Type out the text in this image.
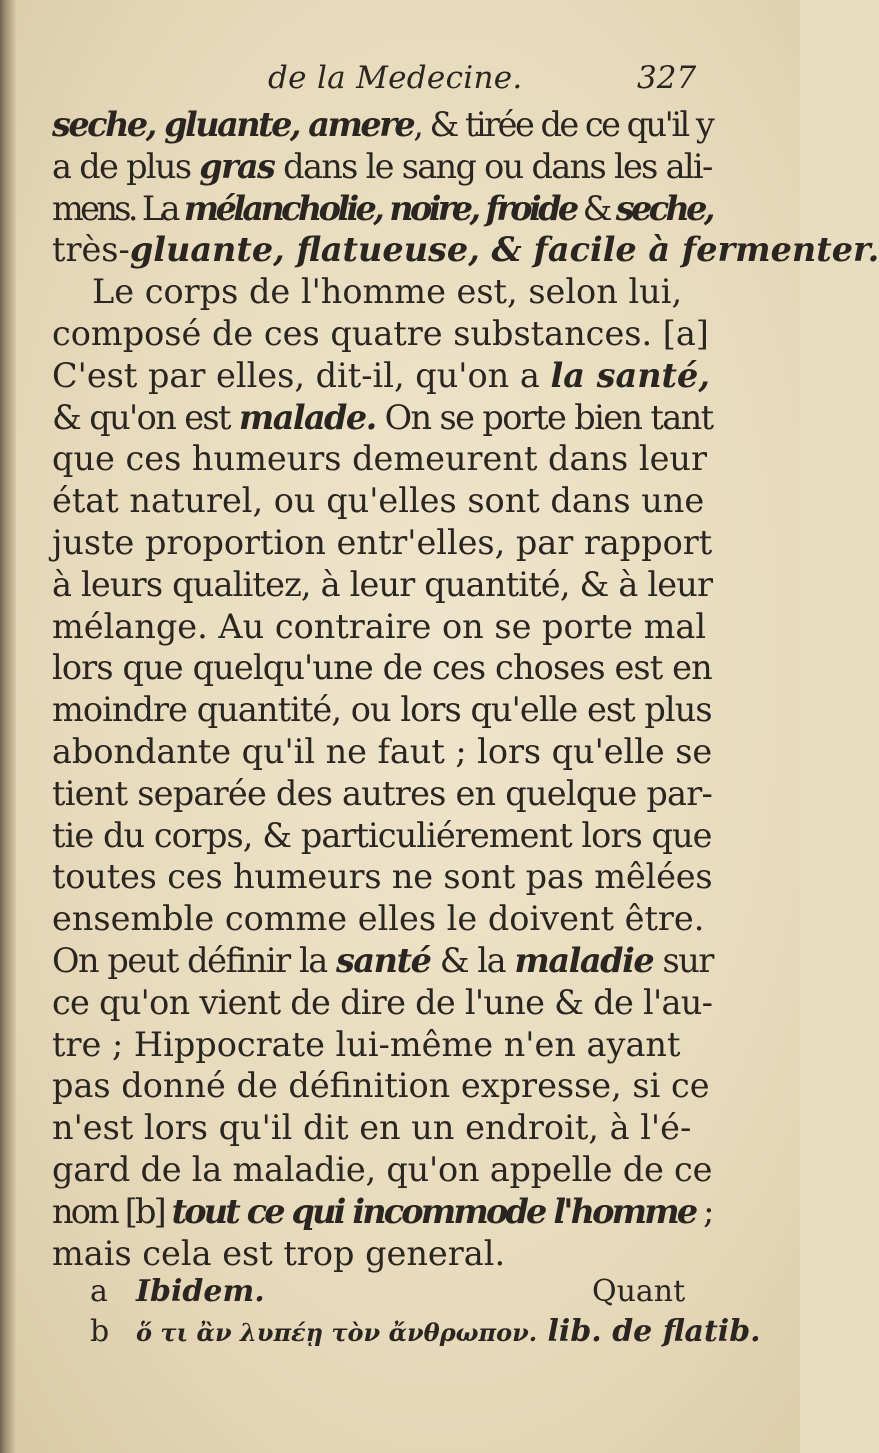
de la Medecine.	327
seche, gluante, amere, & tirée de ce qu'il y
a de plus gras dans le sang ou dans les ali-
mens. La mélancholie, noire, froide & seche,
très-gluante, flatueuse, & facile à fermenter.
Le corps de l'homme est, selon lui,
composé de ces quatre substances. [a]
C'est par elles, dit-il, qu'on a la santé,
& qu'on est malade. On se porte bien tant
que ces humeurs demeurent dans leur
état naturel, ou qu'elles sont dans une
juste proportion entr'elles, par rapport
à leurs qualitez, à leur quantité, & à leur
mélange. Au contraire on se porte mal
lors que quelqu'une de ces choses est en
moindre quantité, ou lors qu'elle est plus
abondante qu'il ne faut ; lors qu'elle se
tient separée des autres en quelque par-
tie du corps, & particuliérement lors que
toutes ces humeurs ne sont pas mêlées
ensemble comme elles le doivent être.
On peut définir la santé & la maladie sur
ce qu'on vient de dire de l'une & de l'au-
tre ; Hippocrate lui-même n'en ayant
pas donné de définition expresse, si ce
n'est lors qu'il dit en un endroit, à l'é-
gard de la maladie, qu'on appelle de ce
nom [b] tout ce qui incommode l'homme ;
mais cela est trop general.
a Ibidem.	Quant
b ὅ τι ἂν λυπέῃ τὸν ἄνθρωπον. lib. de flatib.
